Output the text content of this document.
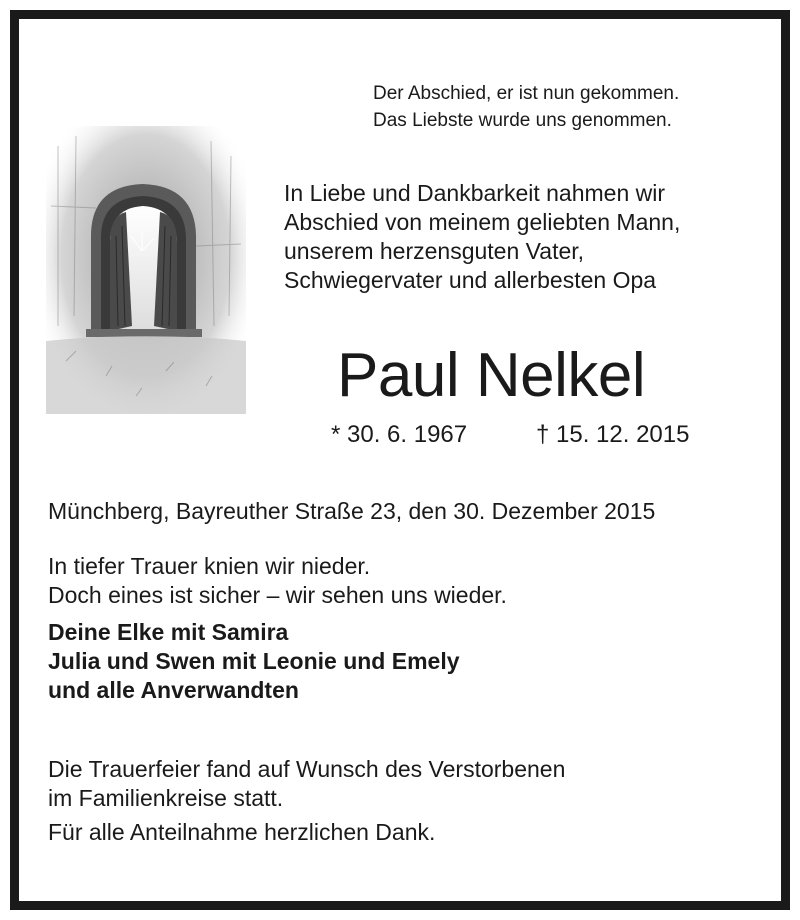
Der Abschied, er ist nun gekommen.
Das Liebste wurde uns genommen.
In Liebe und Dankbarkeit nahmen wir
Abschied von meinem geliebten Mann,
unserem herzensguten Vater,
Schwiegervater und allerbesten Opa
Paul Nelkel
* 30. 6. 1967	† 15. 12. 2015
Münchberg, Bayreuther Straße 23, den 30. Dezember 2015
In tiefer Trauer knien wir nieder.
Doch eines ist sicher – wir sehen uns wieder.
Deine Elke mit Samira
Julia und Swen mit Leonie und Emely
und alle Anverwandten
Die Trauerfeier fand auf Wunsch des Verstorbenen
im Familienkreise statt.
Für alle Anteilnahme herzlichen Dank.
